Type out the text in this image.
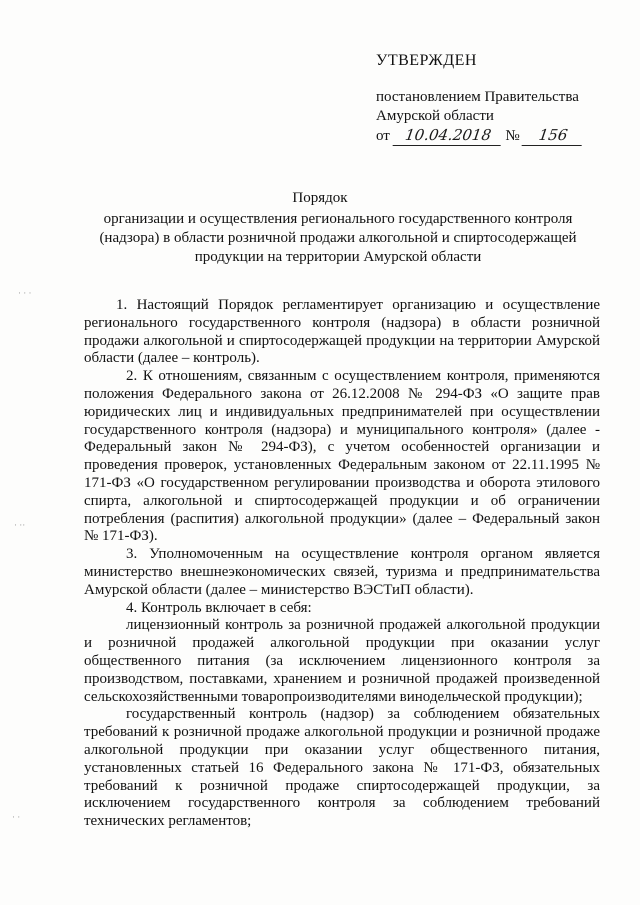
УТВЕРЖДЕН
постановлением Правительства
Амурской области
от 10.04.2018 № 156
Порядок
организации и осуществления регионального государственного контроля (надзора) в области розничной продажи алкогольной и спиртосодержащей продукции на территории Амурской области

1. Настоящий Порядок регламентирует организацию и осуществление регионального государственного контроля (надзора) в области розничной продажи алкогольной и спиртосодержащей продукции на территории Амурской области (далее – контроль).

2. К отношениям, связанным с осуществлением контроля, применяются положения Федерального закона от 26.12.2008 № 294-ФЗ «О защите прав юридических лиц и индивидуальных предпринимателей при осуществлении государственного контроля (надзора) и муниципального контроля» (далее - Федеральный закон № 294-ФЗ), с учетом особенностей организации и проведения проверок, установленных Федеральным законом от 22.11.1995 № 171-ФЗ «О государственном регулировании производства и оборота этилового спирта, алкогольной и спиртосодержащей продукции и об ограничении потребления (распития) алкогольной продукции» (далее – Федеральный закон № 171-ФЗ).

3. Уполномоченным на осуществление контроля органом является министерство внешнеэкономических связей, туризма и предпринимательства Амурской области (далее – министерство ВЭСТиП области).

4. Контроль включает в себя:

лицензионный контроль за розничной продажей алкогольной продукции и розничной продажей алкогольной продукции при оказании услуг общественного питания (за исключением лицензионного контроля за производством, поставками, хранением и розничной продажей произведенной сельскохозяйственными товаропроизводителями винодельческой продукции);

государственный контроль (надзор) за соблюдением обязательных требований к розничной продаже алкогольной продукции и розничной продаже алкогольной продукции при оказании услуг общественного питания, установленных статьей 16 Федерального закона № 171-ФЗ, обязательных требований к розничной продаже спиртосодержащей продукции, за исключением государственного контроля за соблюдением требований технических регламентов;

· · ·
· ··
· ·
